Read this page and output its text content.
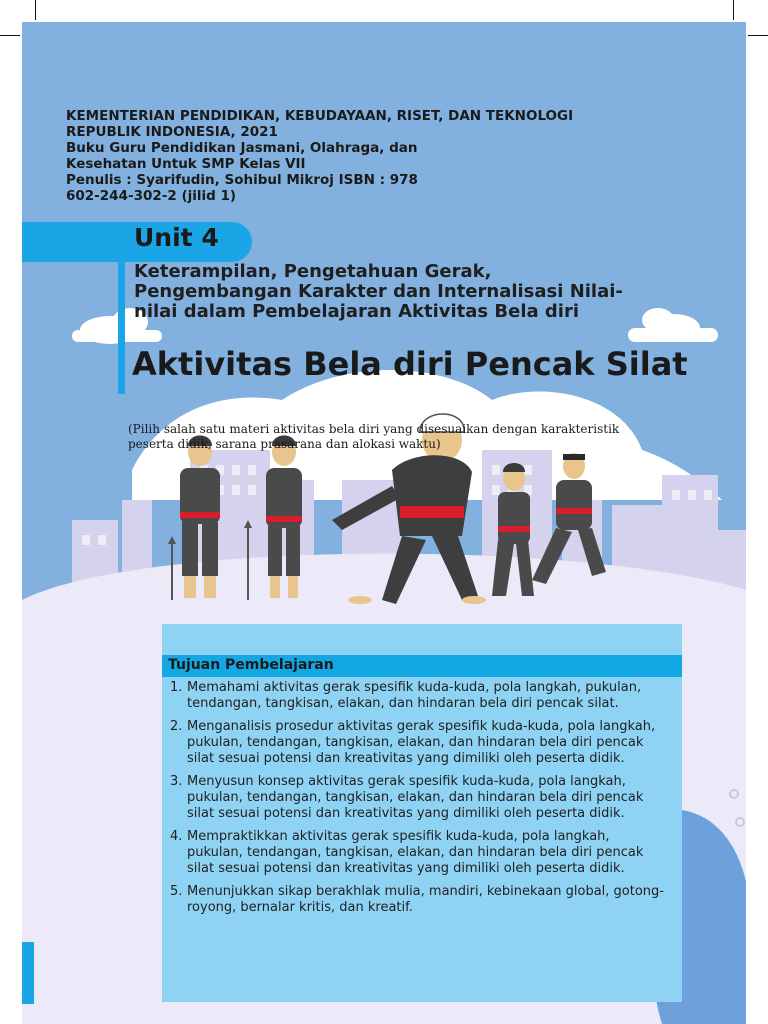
KEMENTERIAN PENDIDIKAN, KEBUDAYAAN, RISET, DAN TEKNOLOGI
REPUBLIK INDONESIA, 2021
Buku Guru Pendidikan Jasmani, Olahraga, dan
Kesehatan Untuk SMP Kelas VII
Penulis : Syarifudin, Sohibul Mikroj ISBN : 978
602-244-302-2 (jilid 1)
Unit 4
Keterampilan, Pengetahuan Gerak, Pengembangan Karakter dan Internalisasi Nilai-nilai dalam Pembelajaran Aktivitas Bela diri
Aktivitas Bela diri Pencak Silat
(Pilih salah satu materi aktivitas bela diri yang disesuaikan dengan karakteristik peserta didik, sarana prasarana dan alokasi waktu)
Tujuan Pembelajaran
1. Memahami aktivitas gerak spesifik kuda-kuda, pola langkah, pukulan, tendangan, tangkisan, elakan, dan hindaran bela diri pencak silat.
2. Menganalisis prosedur aktivitas gerak spesifik kuda-kuda, pola langkah, pukulan, tendangan, tangkisan, elakan, dan hindaran bela diri pencak silat sesuai potensi dan kreativitas yang dimiliki oleh peserta didik.
3. Menyusun konsep aktivitas gerak spesifik kuda-kuda, pola langkah, pukulan, tendangan, tangkisan, elakan, dan hindaran bela diri pencak silat sesuai potensi dan kreativitas yang dimiliki oleh peserta didik.
4. Mempraktikkan aktivitas gerak spesifik kuda-kuda, pola langkah, pukulan, tendangan, tangkisan, elakan, dan hindaran bela diri pencak silat sesuai potensi dan kreativitas yang dimiliki oleh peserta didik.
5. Menunjukkan sikap berakhlak mulia, mandiri, kebinekaan global, gotong- royong, bernalar kritis, dan kreatif.
